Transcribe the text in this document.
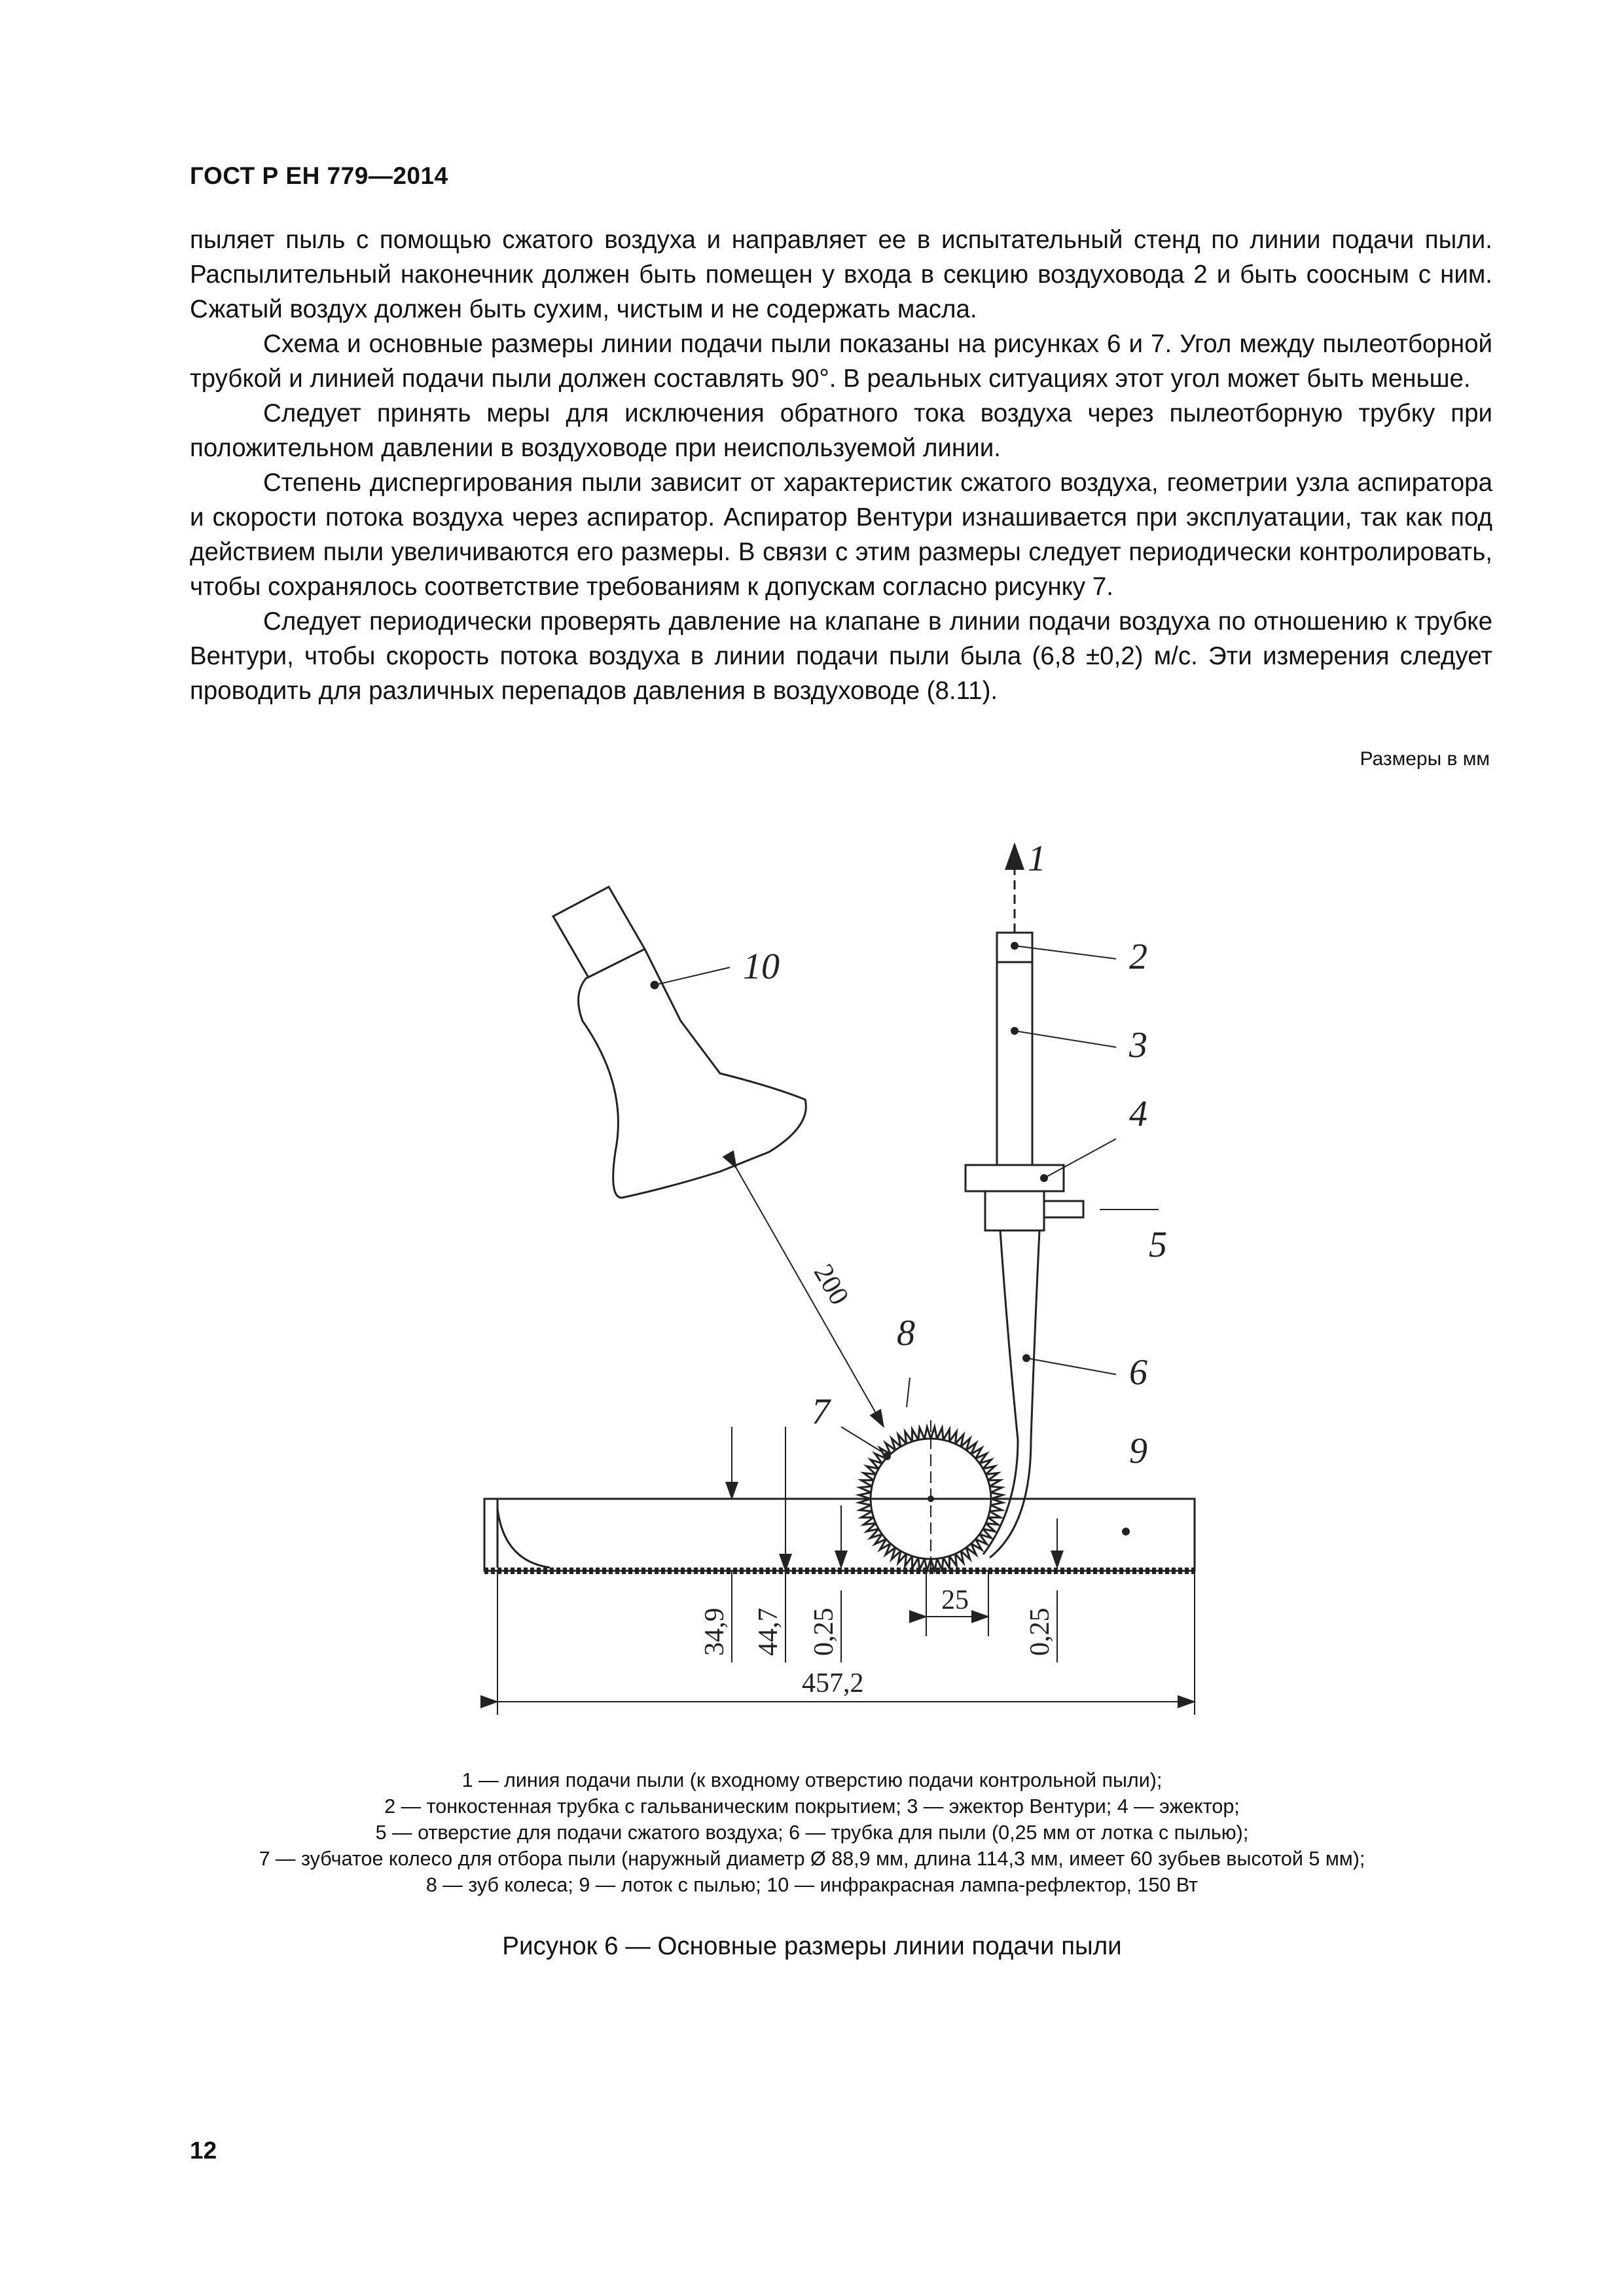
ГОСТ Р ЕН 779—2014

пыляет пыль с помощью сжатого воздуха и направляет ее в испытательный стенд по линии подачи пыли. Распылительный наконечник должен быть помещен у входа в секцию воздуховода 2 и быть соосным с ним. Сжатый воздух должен быть сухим, чистым и не содержать масла.

Схема и основные размеры линии подачи пыли показаны на рисунках 6 и 7. Угол между пылеотборной трубкой и линией подачи пыли должен составлять 90°. В реальных ситуациях этот угол может быть меньше.

Следует принять меры для исключения обратного тока воздуха через пылеотборную трубку при положительном давлении в воздуховоде при неиспользуемой линии.

Степень диспергирования пыли зависит от характеристик сжатого воздуха, геометрии узла аспиратора и скорости потока воздуха через аспиратор. Аспиратор Вентури изнашивается при эксплуатации, так как под действием пыли увеличиваются его размеры. В связи с этим размеры следует периодически контролировать, чтобы сохранялось соответствие требованиям к допускам согласно рисунку 7.

Следует периодически проверять давление на клапане в линии подачи воздуха по отношению к трубке Вентури, чтобы скорость потока воздуха в линии подачи пыли была (6,8 ±0,2) м/с. Эти измерения следует проводить для различных перепадов давления в воздуховоде (8.11).

Размеры в мм
200
1
2
3
4
5
6
7
8
9
10
34,9 44,7 0,25
25
0,25
457,2
1 — линия подачи пыли (к входному отверстию подачи контрольной пыли);
2 — тонкостенная трубка с гальваническим покрытием; 3 — эжектор Вентури; 4 — эжектор;
5 — отверстие для подачи сжатого воздуха; 6 — трубка для пыли (0,25 мм от лотка с пылью);
7 — зубчатое колесо для отбора пыли (наружный диаметр Ø 88,9 мм, длина 114,3 мм, имеет 60 зубьев высотой 5 мм);
8 — зуб колеса; 9 — лоток с пылью; 10 — инфракрасная лампа-рефлектор, 150 Вт
Рисунок 6 — Основные размеры линии подачи пыли
12
